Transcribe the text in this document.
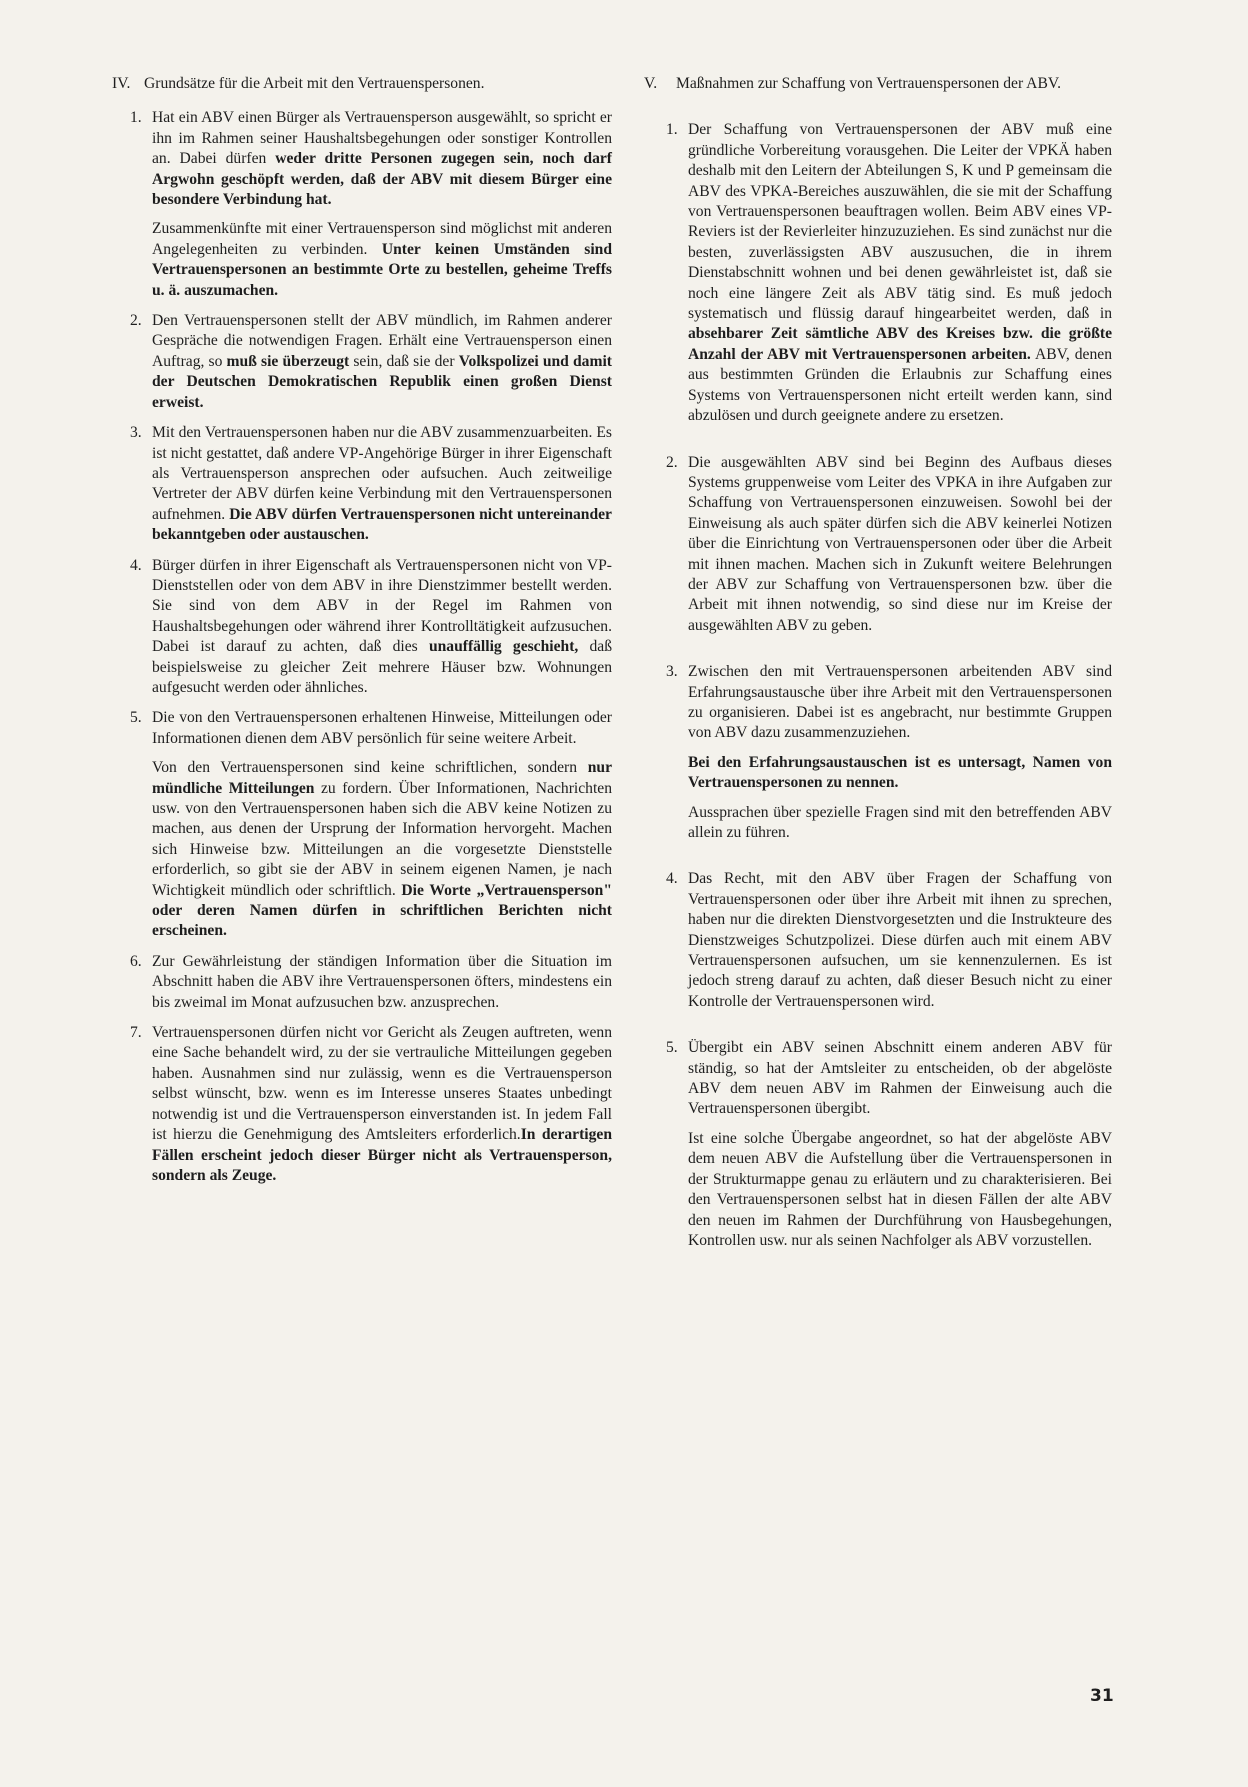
IV. Grundsätze für die Arbeit mit den Vertrauenspersonen.
1. Hat ein ABV einen Bürger als Vertrauensperson ausgewählt, so spricht er ihn im Rahmen seiner Haushaltsbegehungen oder sonstiger Kontrollen an. Dabei dürfen weder dritte Personen zugegen sein, noch darf Argwohn geschöpft werden, daß der ABV mit diesem Bürger eine besondere Verbindung hat.

Zusammenkünfte mit einer Vertrauensperson sind möglichst mit anderen Angelegenheiten zu verbinden. Unter keinen Umständen sind Vertrauenspersonen an bestimmte Orte zu bestellen, geheime Treffs u. ä. auszumachen.

2. Den Vertrauenspersonen stellt der ABV mündlich, im Rahmen anderer Gespräche die notwendigen Fragen. Erhält eine Vertrauensperson einen Auftrag, so muß sie überzeugt sein, daß sie der Volkspolizei und damit der Deutschen Demokratischen Republik einen großen Dienst erweist.

3. Mit den Vertrauenspersonen haben nur die ABV zusammenzuarbeiten. Es ist nicht gestattet, daß andere VP-Angehörige Bürger in ihrer Eigenschaft als Vertrauensperson ansprechen oder aufsuchen. Auch zeitweilige Vertreter der ABV dürfen keine Verbindung mit den Vertrauenspersonen aufnehmen. Die ABV dürfen Vertrauenspersonen nicht untereinander bekanntgeben oder austauschen.

4. Bürger dürfen in ihrer Eigenschaft als Vertrauenspersonen nicht von VP-Dienststellen oder von dem ABV in ihre Dienstzimmer bestellt werden. Sie sind von dem ABV in der Regel im Rahmen von Haushaltsbegehungen oder während ihrer Kontrolltätigkeit aufzusuchen. Dabei ist darauf zu achten, daß dies unauffällig geschieht, daß beispielsweise zu gleicher Zeit mehrere Häuser bzw. Wohnungen aufgesucht werden oder ähnliches.

5. Die von den Vertrauenspersonen erhaltenen Hinweise, Mitteilungen oder Informationen dienen dem ABV persönlich für seine weitere Arbeit.

Von den Vertrauenspersonen sind keine schriftlichen, sondern nur mündliche Mitteilungen zu fordern. Über Informationen, Nachrichten usw. von den Vertrauenspersonen haben sich die ABV keine Notizen zu machen, aus denen der Ursprung der Information hervorgeht. Machen sich Hinweise bzw. Mitteilungen an die vorgesetzte Dienststelle erforderlich, so gibt sie der ABV in seinem eigenen Namen, je nach Wichtigkeit mündlich oder schriftlich. Die Worte „Vertrauensperson" oder deren Namen dürfen in schriftlichen Berichten nicht erscheinen.

6. Zur Gewährleistung der ständigen Information über die Situation im Abschnitt haben die ABV ihre Vertrauenspersonen öfters, mindestens ein bis zweimal im Monat aufzusuchen bzw. anzusprechen.

7. Vertrauenspersonen dürfen nicht vor Gericht als Zeugen auftreten, wenn eine Sache behandelt wird, zu der sie vertrauliche Mitteilungen gegeben haben. Ausnahmen sind nur zulässig, wenn es die Vertrauensperson selbst wünscht, bzw. wenn es im Interesse unseres Staates unbedingt notwendig ist und die Vertrauensperson einverstanden ist. In jedem Fall ist hierzu die Genehmigung des Amtsleiters erforderlich.In derartigen Fällen erscheint jedoch dieser Bürger nicht als Vertrauensperson, sondern als Zeuge.

V.	Maßnahmen zur Schaffung von Vertrauenspersonen der ABV.
1. Der Schaffung von Vertrauenspersonen der ABV muß eine gründliche Vorbereitung vorausgehen. Die Leiter der VPKÄ haben deshalb mit den Leitern der Abteilungen S, K und P gemeinsam die ABV des VPKA-Bereiches auszuwählen, die sie mit der Schaffung von Vertrauenspersonen beauftragen wollen. Beim ABV eines VP-Reviers ist der Revierleiter hinzuzuziehen. Es sind zunächst nur die besten, zuverlässigsten ABV auszusuchen, die in ihrem Dienstabschnitt wohnen und bei denen gewährleistet ist, daß sie noch eine längere Zeit als ABV tätig sind. Es muß jedoch systematisch und flüssig darauf hingearbeitet werden, daß in absehbarer Zeit sämtliche ABV des Kreises bzw. die größte Anzahl der ABV mit Vertrauenspersonen arbeiten. ABV, denen aus bestimmten Gründen die Erlaubnis zur Schaffung eines Systems von Vertrauenspersonen nicht erteilt werden kann, sind abzulösen und durch geeignete andere zu ersetzen.

2. Die ausgewählten ABV sind bei Beginn des Aufbaus dieses Systems gruppenweise vom Leiter des VPKA in ihre Aufgaben zur Schaffung von Vertrauenspersonen einzuweisen. Sowohl bei der Einweisung als auch später dürfen sich die ABV keinerlei Notizen über die Einrichtung von Vertrauenspersonen oder über die Arbeit mit ihnen machen. Machen sich in Zukunft weitere Belehrungen der ABV zur Schaffung von Vertrauenspersonen bzw. über die Arbeit mit ihnen notwendig, so sind diese nur im Kreise der ausgewählten ABV zu geben.

3. Zwischen den mit Vertrauenspersonen arbeitenden ABV sind Erfahrungsaustausche über ihre Arbeit mit den Vertrauenspersonen zu organisieren. Dabei ist es angebracht, nur bestimmte Gruppen von ABV dazu zusammenzuziehen.

Bei den Erfahrungsaustauschen ist es untersagt, Namen von Vertrauenspersonen zu nennen.

Aussprachen über spezielle Fragen sind mit den betreffenden ABV allein zu führen.

4. Das Recht, mit den ABV über Fragen der Schaffung von Vertrauenspersonen oder über ihre Arbeit mit ihnen zu sprechen, haben nur die direkten Dienstvorgesetzten und die Instrukteure des Dienstzweiges Schutzpolizei. Diese dürfen auch mit einem ABV Vertrauenspersonen aufsuchen, um sie kennenzulernen. Es ist jedoch streng darauf zu achten, daß dieser Besuch nicht zu einer Kontrolle der Vertrauenspersonen wird.

5. Übergibt ein ABV seinen Abschnitt einem anderen ABV für ständig, so hat der Amtsleiter zu entscheiden, ob der abgelöste ABV dem neuen ABV im Rahmen der Einweisung auch die Vertrauenspersonen übergibt.

Ist eine solche Übergabe angeordnet, so hat der abgelöste ABV dem neuen ABV die Aufstellung über die Vertrauenspersonen in der Strukturmappe genau zu erläutern und zu charakterisieren. Bei den Vertrauenspersonen selbst hat in diesen Fällen der alte ABV den neuen im Rahmen der Durchführung von Hausbegehungen, Kontrollen usw. nur als seinen Nachfolger als ABV vorzustellen.

31
